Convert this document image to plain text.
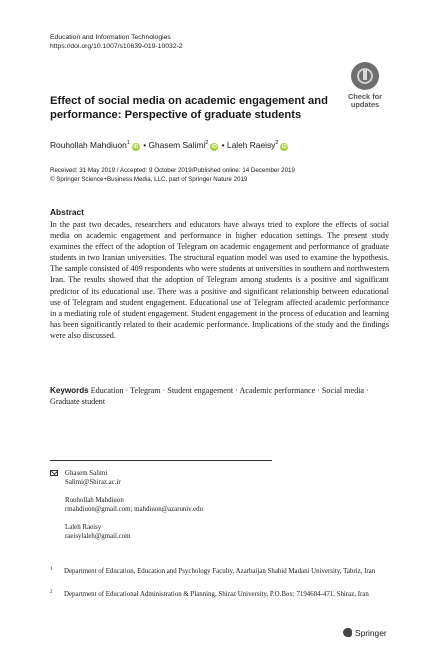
Education and Information Technologies
https://doi.org/10.1007/s10639-019-10032-2
Check for
updates
Effect of social media on academic engagement and performance: Perspective of graduate students
Rouhollah Mahdiuon$^1$iD • Ghasem Salimi$^2$iD • Laleh Raeisy$^2$iD
Received: 31 May 2019 / Accepted: 9 October 2019/Published online: 14 December 2019
© Springer Science+Business Media, LLC, part of Springer Nature 2019
Abstract
In the past two decades, researchers and educators have always tried to explore the effects of social media on academic engagement and performance in higher education settings. The present study examines the effect of the adoption of Telegram on academic engagement and performance of graduate students in two Iranian universities. The structural equation model was used to examine the hypothesis. The sample consisted of 409 respondents who were students at universities in southern and northwestern Iran. The results showed that the adoption of Telegram among students is a positive and significant predictor of its educational use. There was a positive and significant relationship between educational use of Telegram and student engagement. Educational use of Telegram affected academic performance in a mediating role of student engagement. Student engagement in the process of education and learning has been significantly related to their academic performance. Implications of the study and the findings were also discussed.
Keywords Education · Telegram · Student engagement · Academic performance · Social media · Graduate student
Ghasem Salimi
Salimi@Shiraz.ac.ir
Rouhollah Mahdiuon
rmahdiuon@gmail.com; mahdiuon@azaruniv.edu
Laleh Raeisy
raeisylaleh@gmail.com
1 Department of Education, Education and Psychology Faculty, Azarbaijan Shahid Madani University, Tabriz, Iran
2 Department of Educational Administration & Planning, Shiraz University, P.O.Box: 7194684-471, Shiraz, Iran
Springer
